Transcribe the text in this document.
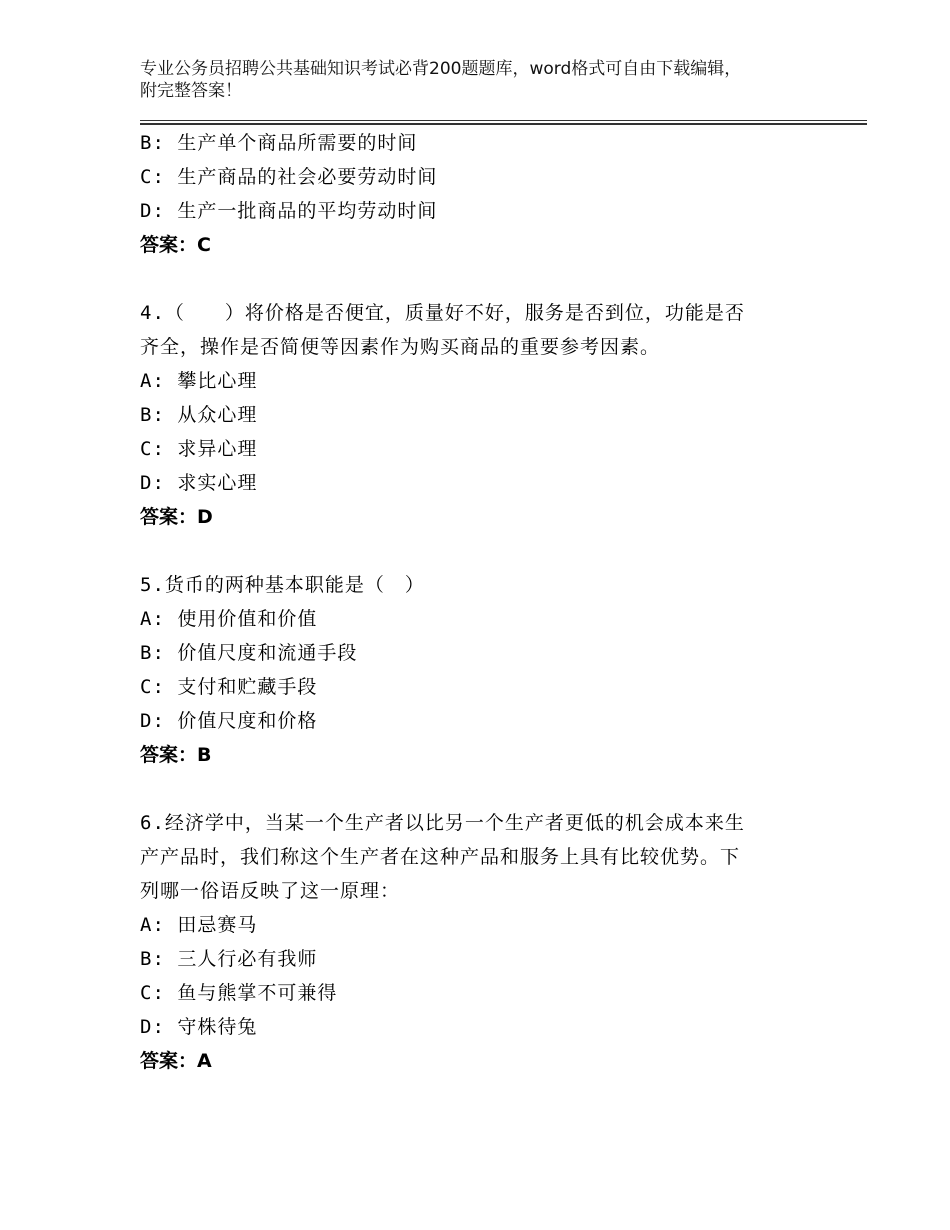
专业公务员招聘公共基础知识考试必背200题题库，word格式可自由下载编辑，
附完整答案！
B: 生产单个商品所需要的时间
C: 生产商品的社会必要劳动时间
D: 生产一批商品的平均劳动时间
答案：C
4.（　　）将价格是否便宜，质量好不好，服务是否到位，功能是否
齐全，操作是否简便等因素作为购买商品的重要参考因素。
A: 攀比心理
B: 从众心理
C: 求异心理
D: 求实心理
答案：D
5.货币的两种基本职能是（　）
A: 使用价值和价值
B: 价值尺度和流通手段
C: 支付和贮藏手段
D: 价值尺度和价格
答案：B
6.经济学中，当某一个生产者以比另一个生产者更低的机会成本来生
产产品时，我们称这个生产者在这种产品和服务上具有比较优势。下
列哪一俗语反映了这一原理：
A: 田忌赛马
B: 三人行必有我师
C: 鱼与熊掌不可兼得
D: 守株待兔
答案：A
